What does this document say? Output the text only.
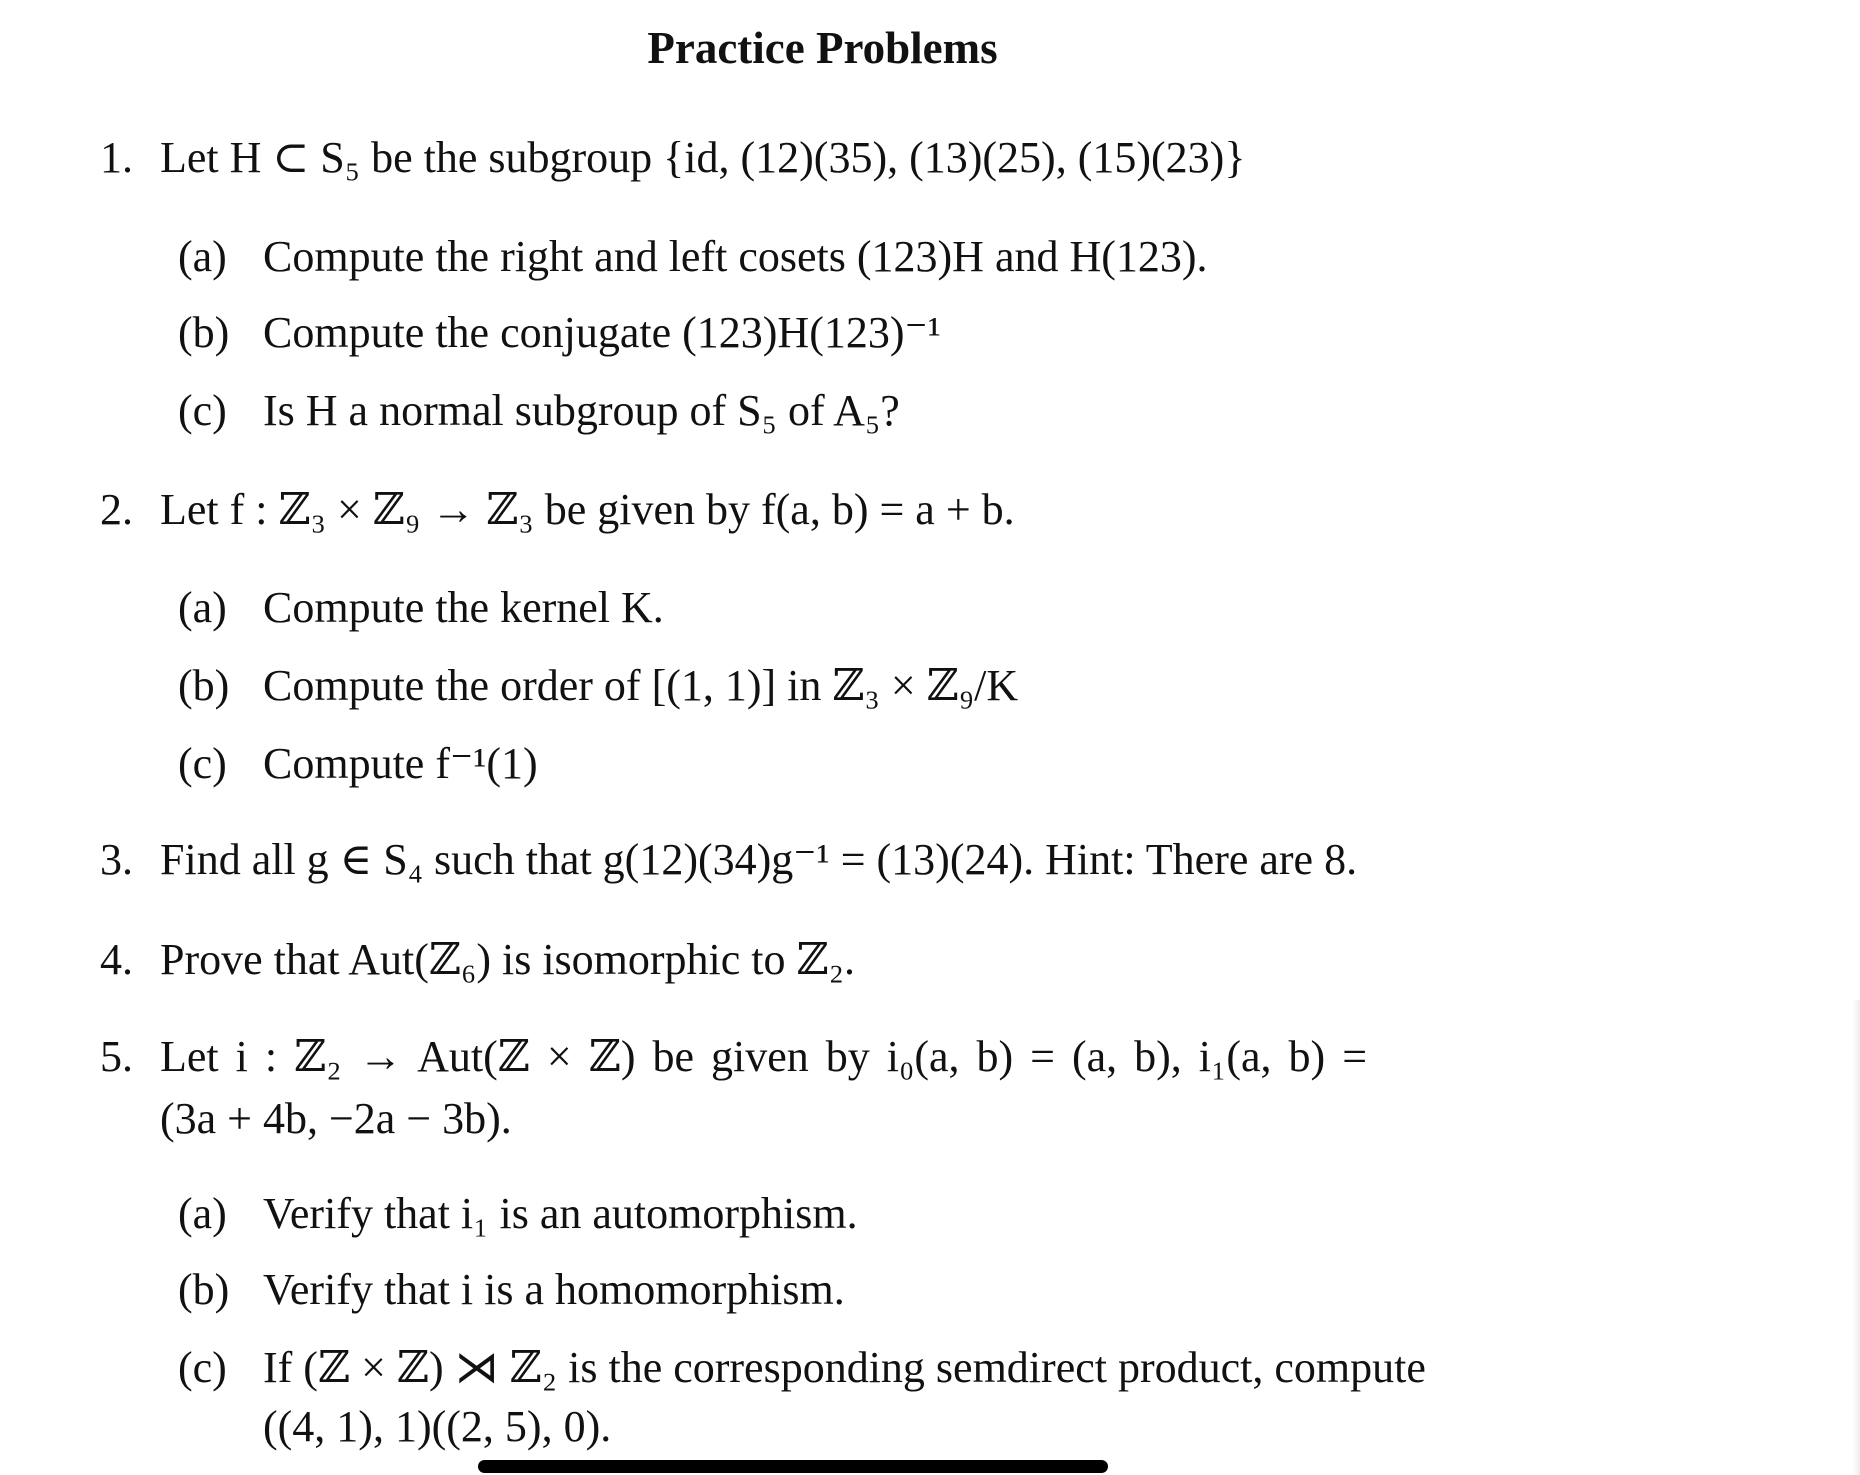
Practice Problems
1. Let H ⊂ S₅ be the subgroup {id, (12)(35), (13)(25), (15)(23)}
(a) Compute the right and left cosets (123)H and H(123).
(b) Compute the conjugate (123)H(123)⁻¹
(c) Is H a normal subgroup of S₅ of A₅?
2. Let f : ℤ₃ × ℤ₉ → ℤ₃ be given by f(a, b) = a + b.
(a) Compute the kernel K.
(b) Compute the order of [(1, 1)] in ℤ₃ × ℤ₉/K
(c) Compute f⁻¹(1)
3. Find all g ∈ S₄ such that g(12)(34)g⁻¹ = (13)(24). Hint: There are 8.
4. Prove that Aut(ℤ₆) is isomorphic to ℤ₂.
5. Let i : ℤ₂ → Aut(ℤ × ℤ) be given by i₀(a, b) = (a, b), i₁(a, b) =
(3a + 4b, −2a − 3b).
(a) Verify that i₁ is an automorphism.
(b) Verify that i is a homomorphism.
(c) If (ℤ × ℤ) ⋊ ℤ₂ is the corresponding semdirect product, compute
((4, 1), 1)((2, 5), 0).
